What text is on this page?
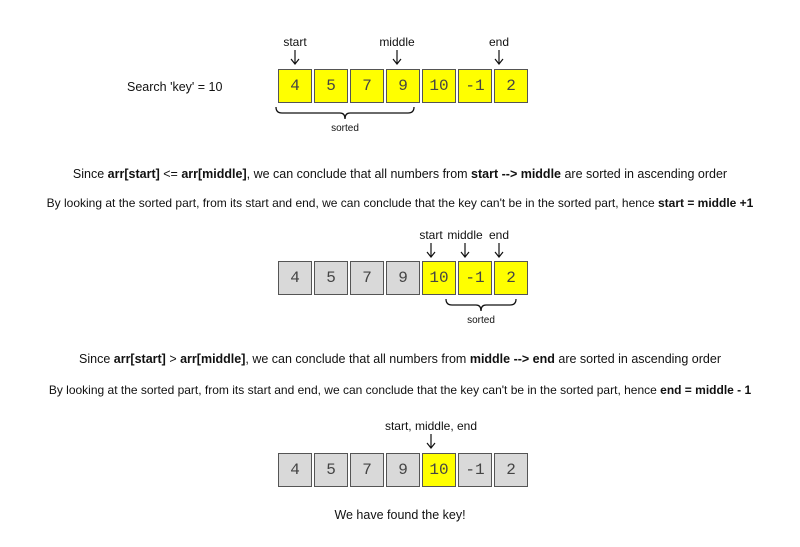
Search 'key' = 10	4	5	7	9	10	-1	2
start	middle	end
sorted
4	5	7	9	10	-1	2
start middle end
sorted
4	5	7	9	10	-1	2
start, middle, end
Since arr[start] <= arr[middle], we can conclude that all numbers from start --> middle are sorted in ascending order
By looking at the sorted part, from its start and end, we can conclude that the key can't be in the sorted part, hence start = middle +1
Since arr[start] > arr[middle], we can conclude that all numbers from middle --> end are sorted in ascending order
By looking at the sorted part, from its start and end, we can conclude that the key can't be in the sorted part, hence end = middle - 1
We have found the key!
